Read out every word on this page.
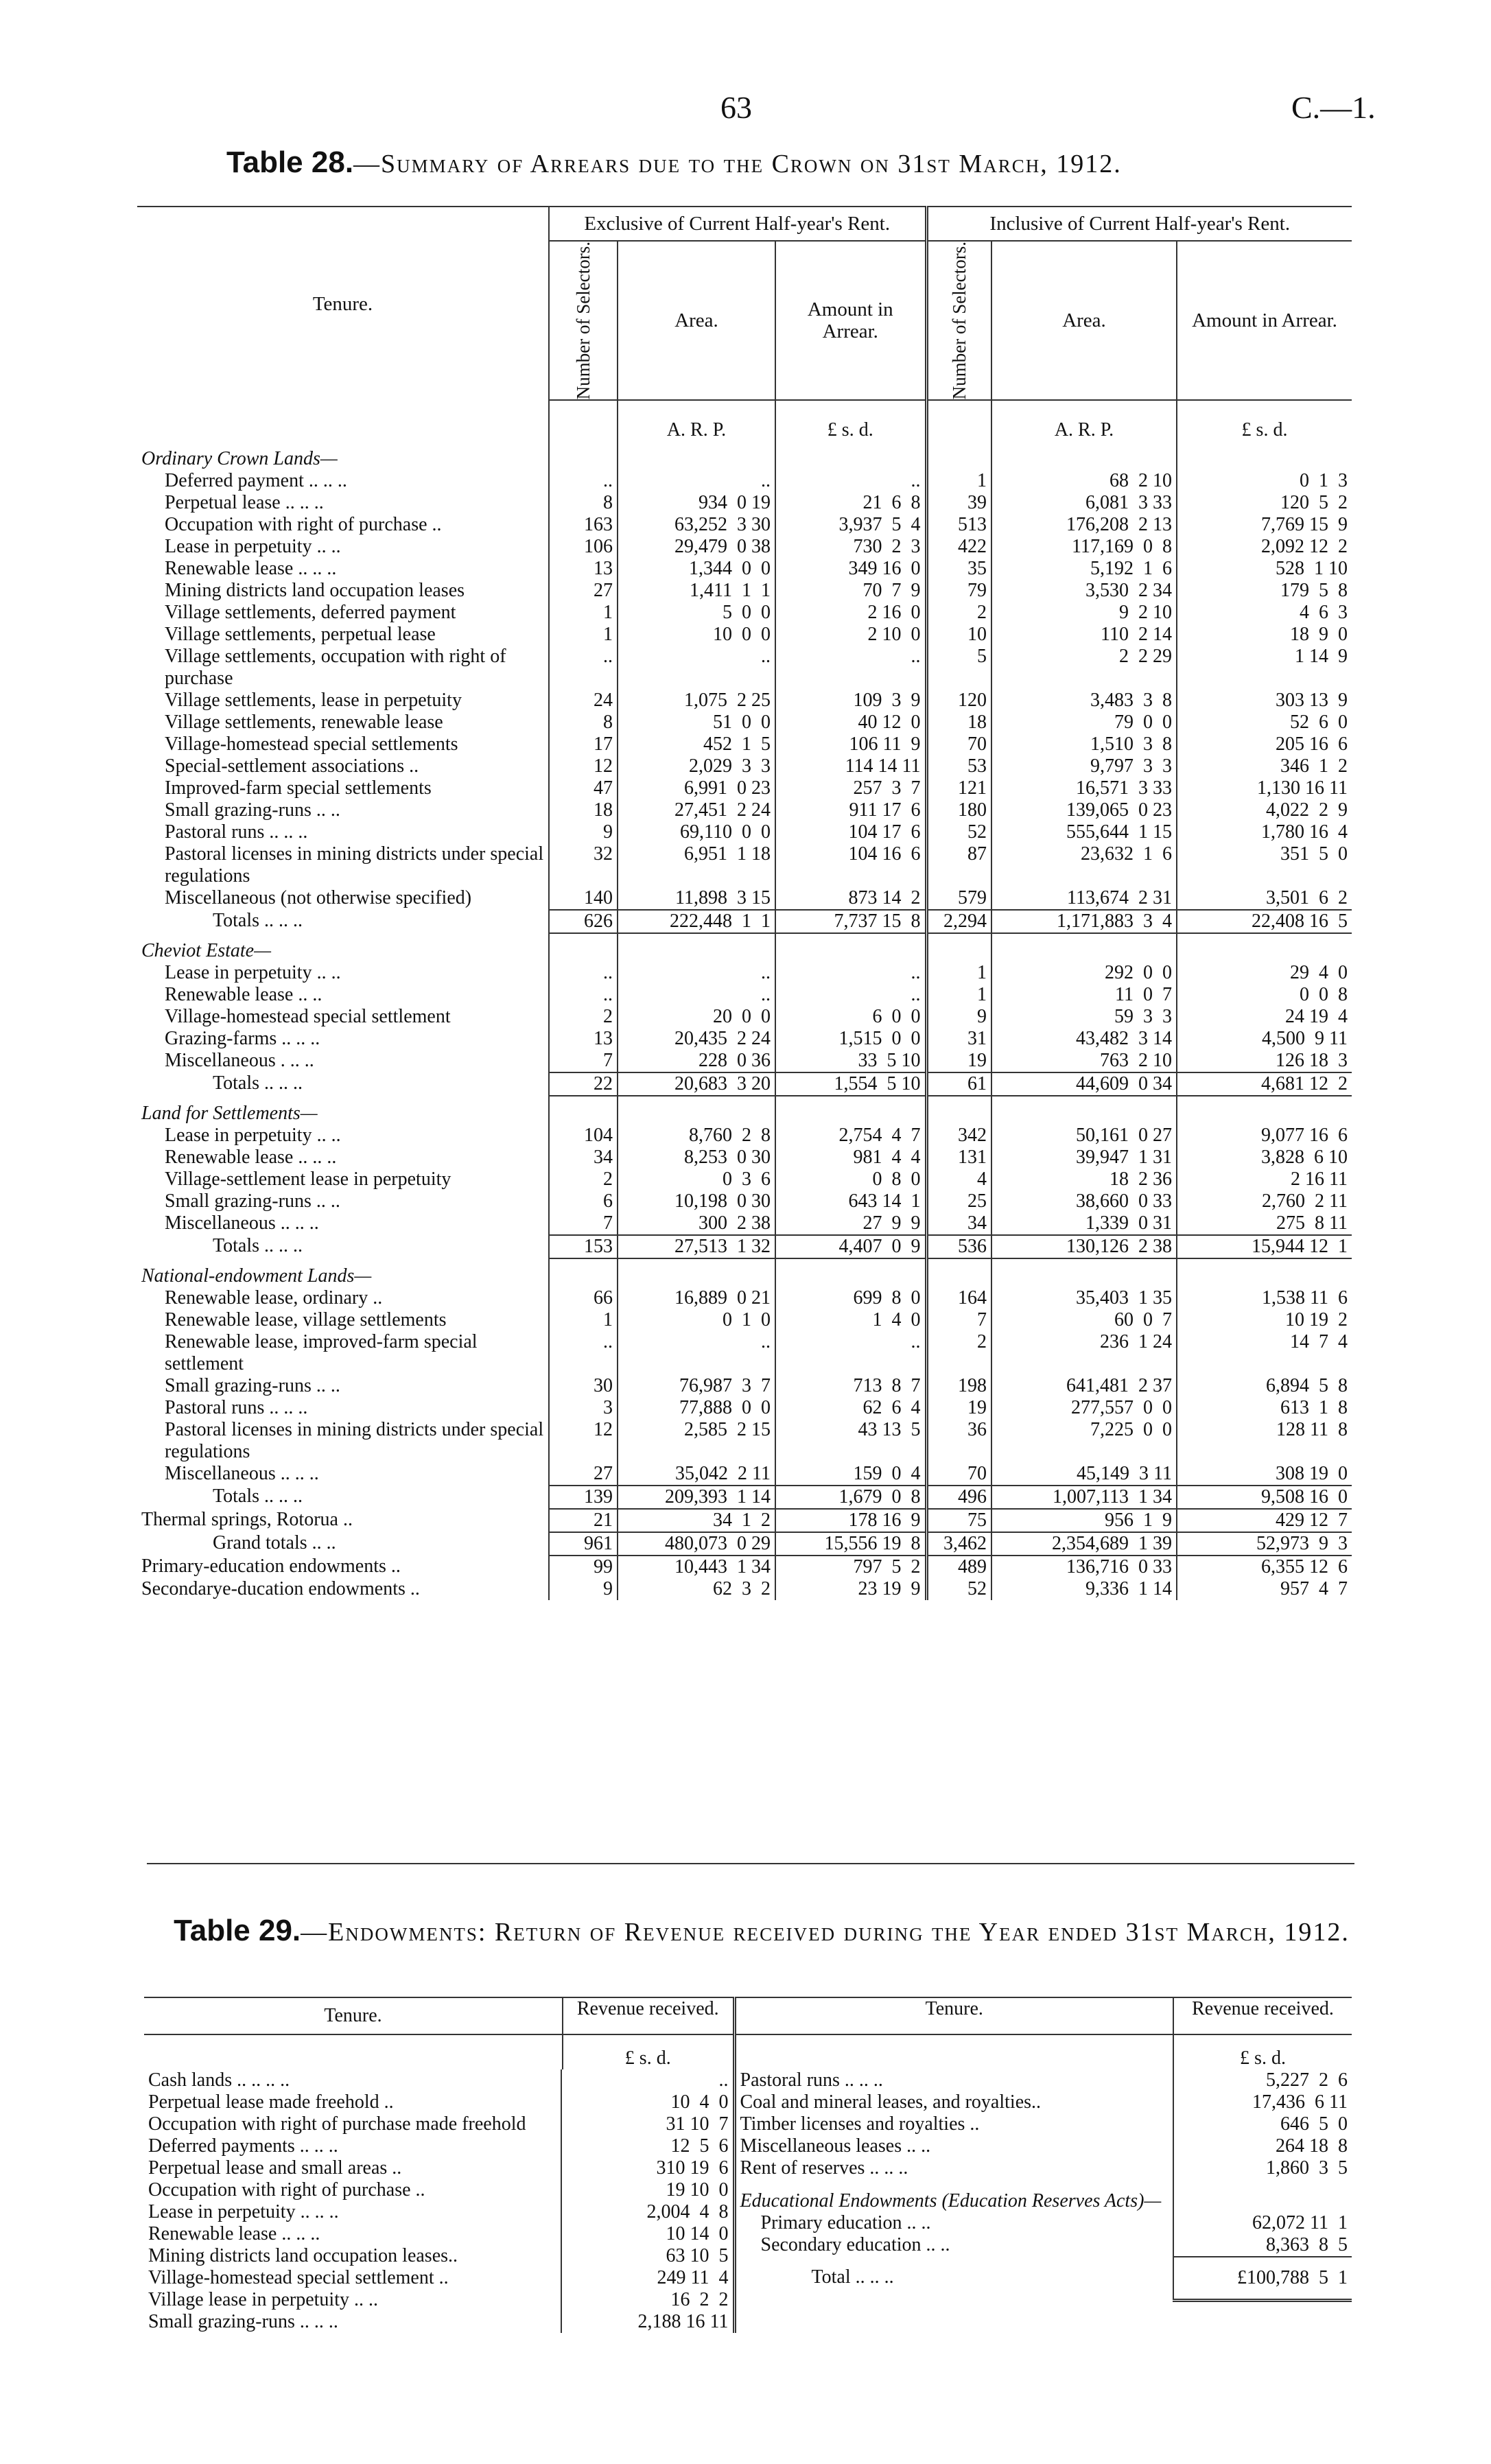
63	C.—1.
Table 28.—Summary of Arrears due to the Crown on 31st March, 1912.
Tenure.	Exclusive of Current Half-year's Rent.			Inclusive of Current Half-year's Rent.		

	Number of Selectors.	Area.	Amount in Arrear.	Number of Selectors.	Area.	Amount in Arrear.
		A. R. P.	£ s. d.		A. R. P.	£ s. d.
Ordinary Crown Lands—						
Deferred payment .. .. ..	..	..	..	1	68  2 10	0  1  3
Perpetual lease .. .. ..	8	934  0 19	21  6  8	39	6,081  3 33	120  5  2
Occupation with right of purchase ..	163	63,252  3 30	3,937  5  4	513	176,208  2 13	7,769 15  9
Lease in perpetuity .. ..	106	29,479  0 38	730  2  3	422	117,169  0  8	2,092 12  2
Renewable lease .. .. ..	13	1,344  0  0	349 16  0	35	5,192  1  6	528  1 10
Mining districts land occupation leases	27	1,411  1  1	70  7  9	79	3,530  2 34	179  5  8
Village settlements, deferred payment	1	5  0  0	2 16  0	2	9  2 10	4  6  3
Village settlements, perpetual lease	1	10  0  0	2 10  0	10	110  2 14	18  9  0
Village settlements, occupation with right of purchase	..	..	..	5	2  2 29	1 14  9
Village settlements, lease in perpetuity	24	1,075  2 25	109  3  9	120	3,483  3  8	303 13  9
Village settlements, renewable lease	8	51  0  0	40 12  0	18	79  0  0	52  6  0
Village-homestead special settlements	17	452  1  5	106 11  9	70	1,510  3  8	205 16  6
Special-settlement associations ..	12	2,029  3  3	114 14 11	53	9,797  3  3	346  1  2
Improved-farm special settlements	47	6,991  0 23	257  3  7	121	16,571  3 33	1,130 16 11
Small grazing-runs .. ..	18	27,451  2 24	911 17  6	180	139,065  0 23	4,022  2  9
Pastoral runs .. .. ..	9	69,110  0  0	104 17  6	52	555,644  1 15	1,780 16  4
Pastoral licenses in mining districts under special regulations	32	6,951  1 18	104 16  6	87	23,632  1  6	351  5  0
Miscellaneous (not otherwise specified)	140	11,898  3 15	873 14  2	579	113,674  2 31	3,501  6  2
Totals .. .. ..	626	222,448  1  1	7,737 15  8	2,294	1,171,883  3  4	22,408 16  5
Cheviot Estate—						
Lease in perpetuity .. ..	..	..	..	1	292  0  0	29  4  0
Renewable lease .. ..	..	..	..	1	11  0  7	0  0  8
Village-homestead special settlement	2	20  0  0	6  0  0	9	59  3  3	24 19  4
Grazing-farms .. .. ..	13	20,435  2 24	1,515  0  0	31	43,482  3 14	4,500  9 11
Miscellaneous . .. ..	7	228  0 36	33  5 10	19	763  2 10	126 18  3
Totals .. .. ..	22	20,683  3 20	1,554  5 10	61	44,609  0 34	4,681 12  2
Land for Settlements—						
Lease in perpetuity .. ..	104	8,760  2  8	2,754  4  7	342	50,161  0 27	9,077 16  6
Renewable lease .. .. ..	34	8,253  0 30	981  4  4	131	39,947  1 31	3,828  6 10
Village-settlement lease in perpetuity	2	0  3  6	0  8  0	4	18  2 36	2 16 11
Small grazing-runs .. ..	6	10,198  0 30	643 14  1	25	38,660  0 33	2,760  2 11
Miscellaneous .. .. ..	7	300  2 38	27  9  9	34	1,339  0 31	275  8 11
Totals .. .. ..	153	27,513  1 32	4,407  0  9	536	130,126  2 38	15,944 12  1
National-endowment Lands—						
Renewable lease, ordinary ..	66	16,889  0 21	699  8  0	164	35,403  1 35	1,538 11  6
Renewable lease, village settlements	1	0  1  0	1  4  0	7	60  0  7	10 19  2
Renewable lease, improved-farm special settlement	..	..	..	2	236  1 24	14  7  4
Small grazing-runs .. ..	30	76,987  3  7	713  8  7	198	641,481  2 37	6,894  5  8
Pastoral runs .. .. ..	3	77,888  0  0	62  6  4	19	277,557  0  0	613  1  8
Pastoral licenses in mining districts under special regulations	12	2,585  2 15	43 13  5	36	7,225  0  0	128 11  8
Miscellaneous .. .. ..	27	35,042  2 11	159  0  4	70	45,149  3 11	308 19  0
Totals .. .. ..	139	209,393  1 14	1,679  0  8	496	1,007,113  1 34	9,508 16  0
Thermal springs, Rotorua ..	21	34  1  2	178 16  9	75	956  1  9	429 12  7
Grand totals .. ..	961	480,073  0 29	15,556 19  8	3,462	2,354,689  1 39	52,973  9  3
Primary-education endowments ..	99	10,443  1 34	797  5  2	489	136,716  0 33	6,355 12  6
Secondarye-ducation endowments ..	9	62  3  2	23 19  9	52	9,336  1 14	957  4  7
Table 29.—Endowments: Return of Revenue received during the Year ended 31st March, 1912.
Tenure.	Revenue received.	Tenure.	Revenue received.
	£ s. d.		£ s. d.

Cash lands .. .. .. ..	..
Perpetual lease made freehold ..	10  4  0
Occupation with right of purchase made freehold	31 10  7
Deferred payments .. .. ..	12  5  6
Perpetual lease and small areas ..	310 19  6
Occupation with right of purchase ..	19 10  0
Lease in perpetuity .. .. ..	2,004  4  8
Renewable lease .. .. ..	10 14  0
Mining districts land occupation leases..	63 10  5
Village-homestead special settlement ..	249 11  4
Village lease in perpetuity .. ..	16  2  2
Small grazing-runs .. .. ..	2,188 16 11

Pastoral runs .. .. ..	5,227  2  6
Coal and mineral leases, and royalties..	17,436  6 11
Timber licenses and royalties ..	646  5  0
Miscellaneous leases .. ..	264 18  8
Rent of reserves .. .. ..	1,860  3  5
Educational Endowments (Education Reserves Acts)—	
Primary education .. ..	62,072 11  1
Secondary education .. ..	8,363  8  5
Total .. .. ..	£100,788  5  1
